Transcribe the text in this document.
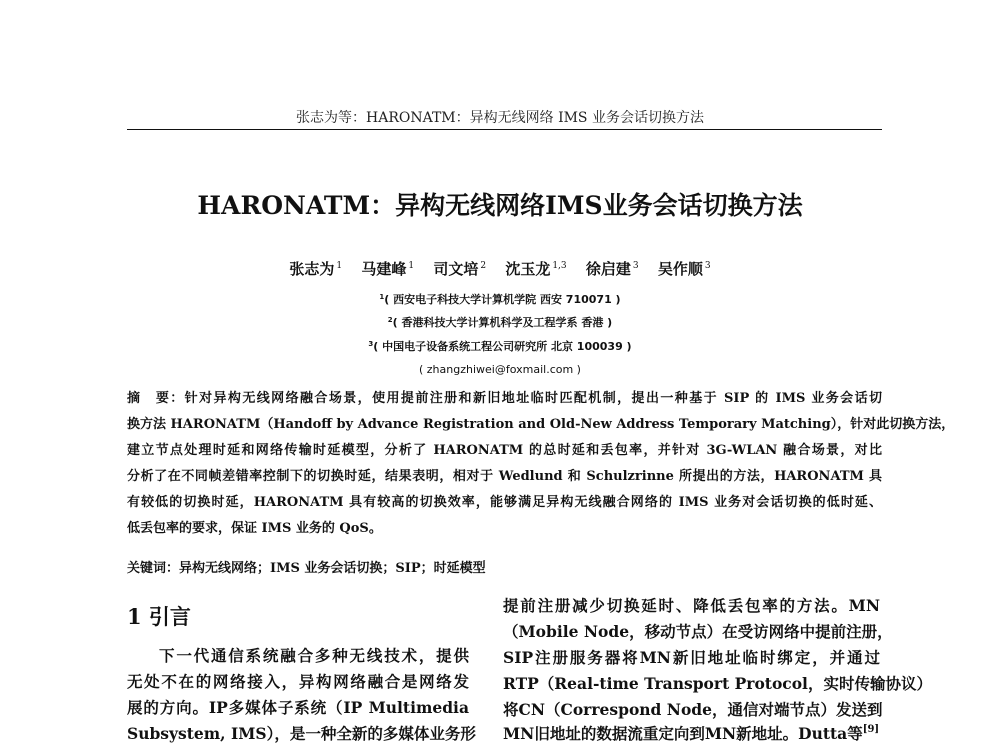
张志为等：HARONATM：异构无线网络 IMS 业务会话切换方法
HARONATM：异构无线网络IMS业务会话切换方法
张志为 $^1$ 马建峰 $^1$ 司文培 $^2$ 沈玉龙 $^{1,3}$ 徐启建 $^3$ 吴作顺 $^3$
$^1$( 西安电子科技大学计算机学院 西安 710071 )
$^2$( 香港科技大学计算机科学及工程学系 香港 )
$^3$( 中国电子设备系统工程公司研究所 北京 100039 )
( zhangzhiwei@foxmail.com )
摘　要：针对异构无线网络融合场景，使用提前注册和新旧地址临时匹配机制，提出一种基于 SIP 的 IMS 业务会话切
换方法 HARONATM（Handoff by Advance Registration and Old-New Address Temporary Matching），针对此切换方法，
建立节点处理时延和网络传输时延模型，分析了 HARONATM 的总时延和丢包率，并针对 3G-WLAN 融合场景，对比
分析了在不同帧差错率控制下的切换时延，结果表明，相对于 Wedlund 和 Schulzrinne 所提出的方法，HARONATM 具
有较低的切换时延，HARONATM 具有较高的切换效率，能够满足异构无线融合网络的 IMS 业务对会话切换的低时延、
低丢包率的要求，保证 IMS 业务的 QoS。
关键词：异构无线网络；IMS 业务会话切换；SIP；时延模型
1 引言
下一代通信系统融合多种无线技术，提供
无处不在的网络接入，异构网络融合是网络发
展的方向。IP多媒体子系统（IP Multimedia
Subsystem, IMS），是一种全新的多媒体业务形
提前注册减少切换延时、降低丢包率的方法。MN
（Mobile Node，移动节点）在受访网络中提前注册，
SIP注册服务器将MN新旧地址临时绑定，并通过
RTP（Real-time Transport Protocol，实时传输协议）
将CN（Correspond Node，通信对端节点）发送到
MN旧地址的数据流重定向到MN新地址。Dutta等[9]
